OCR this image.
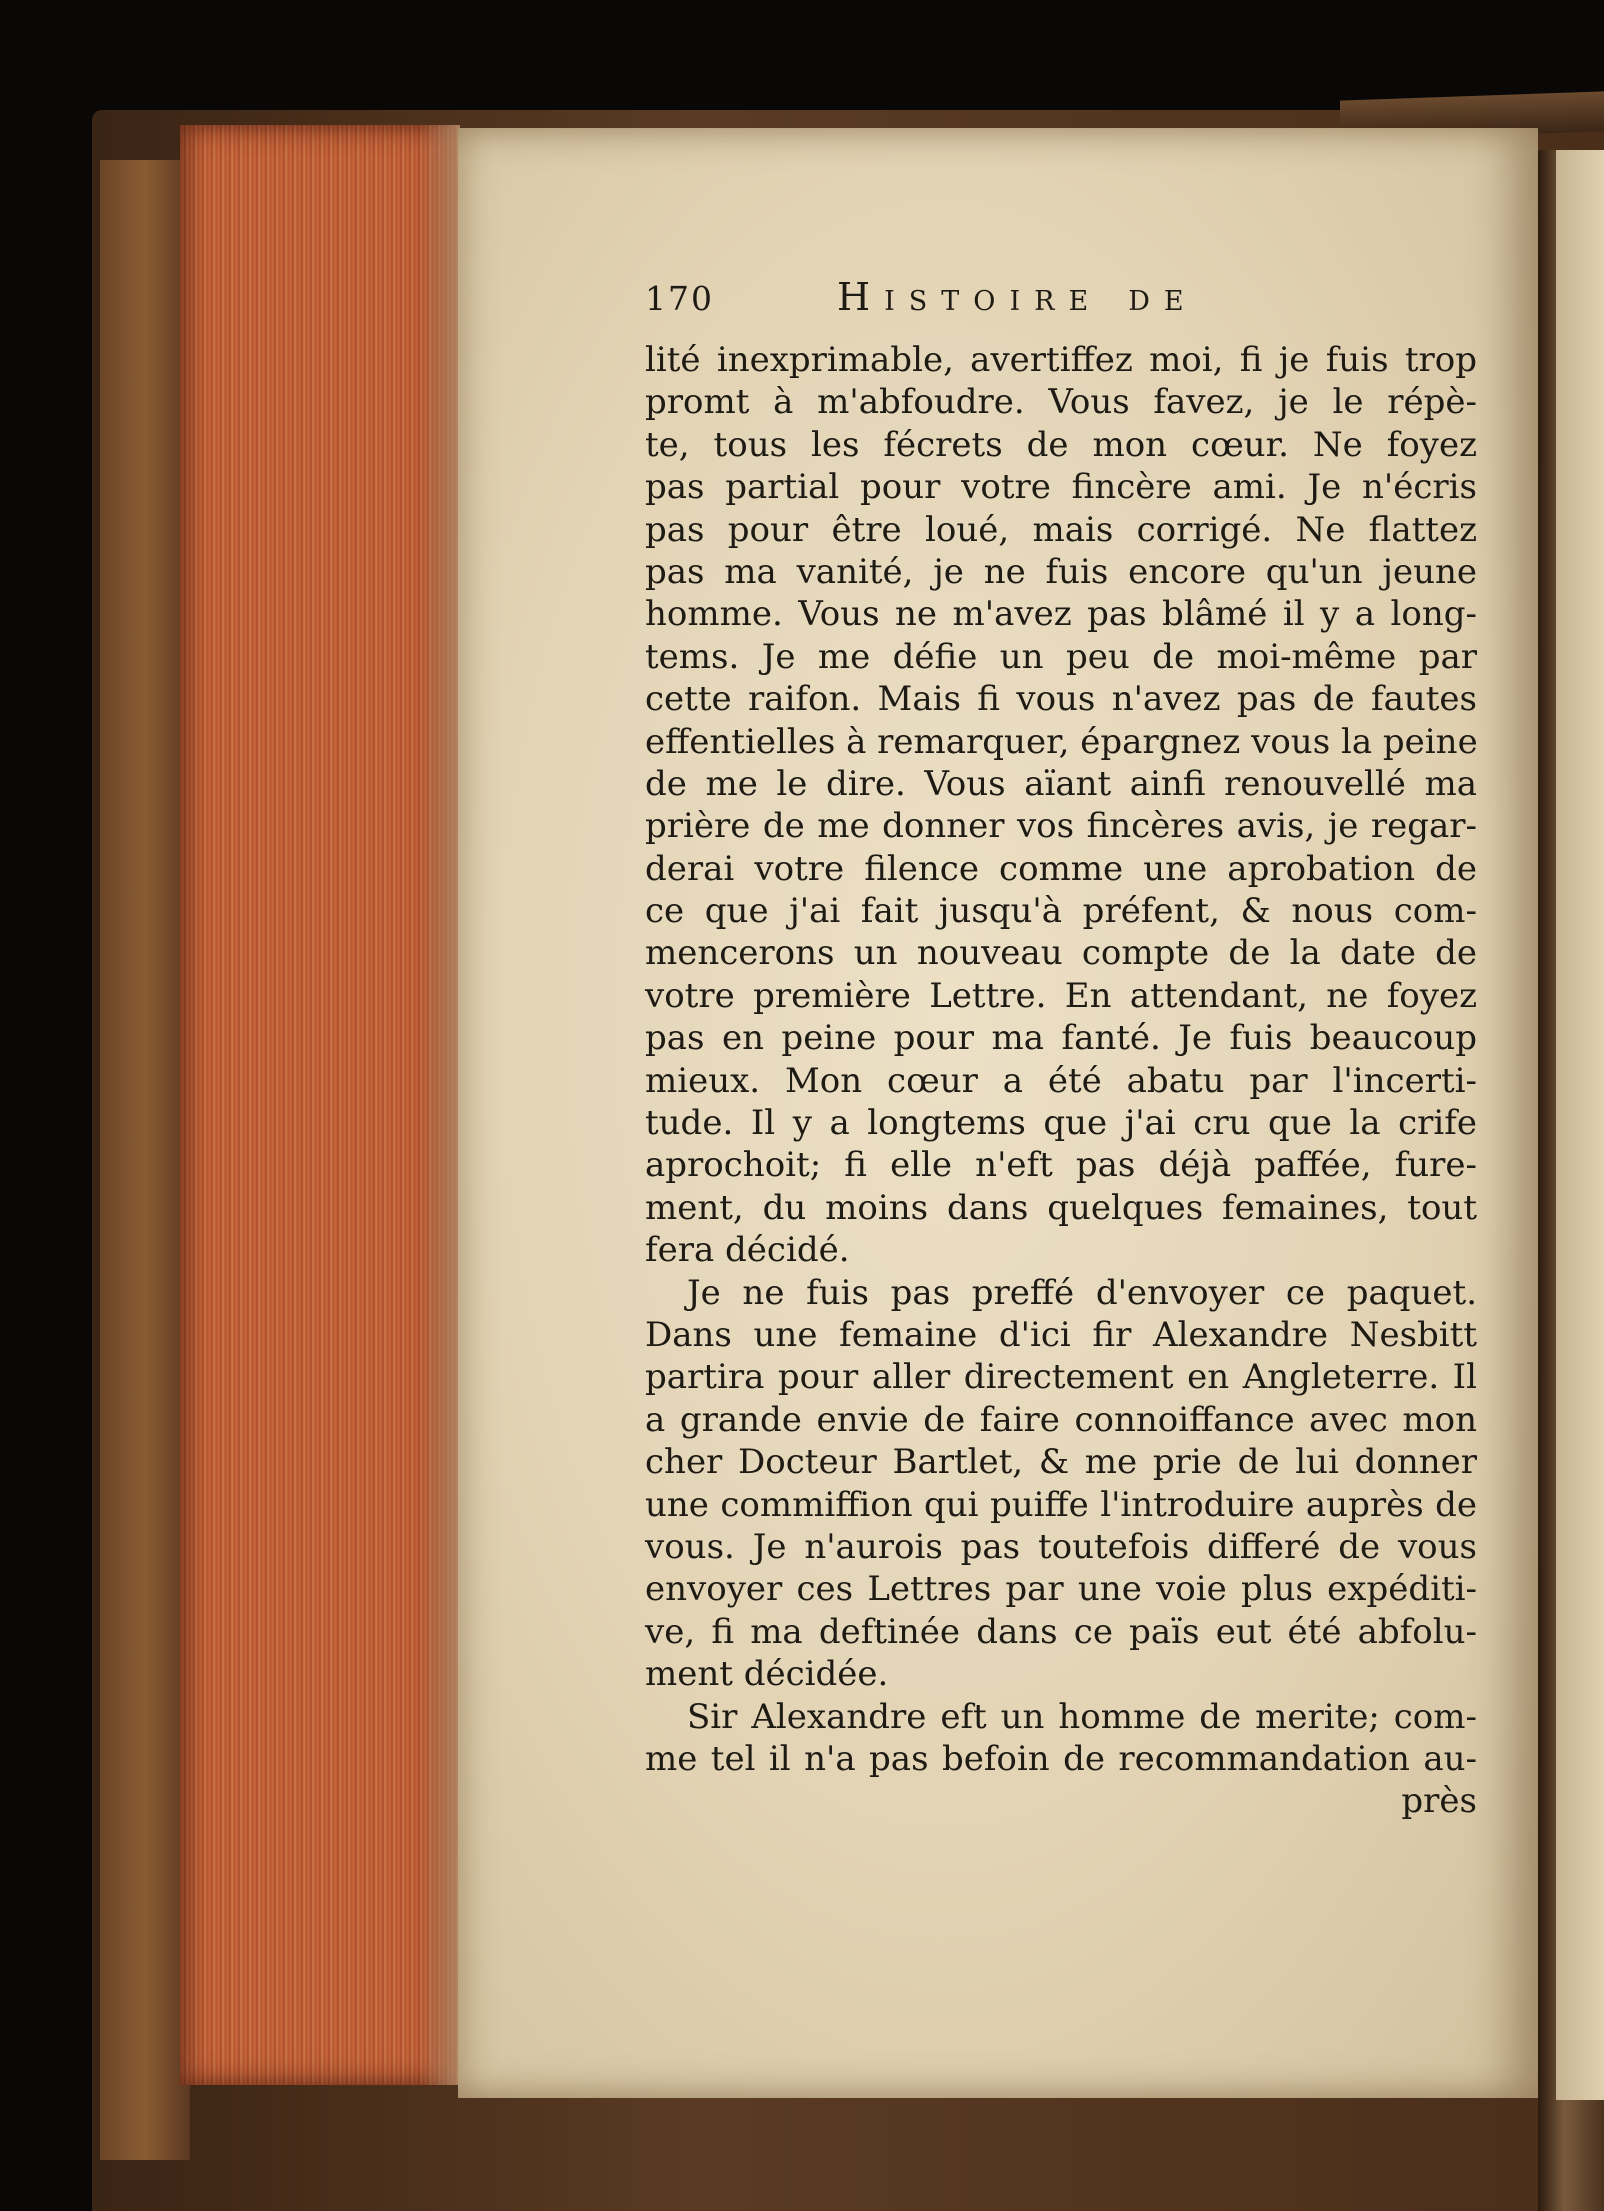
170	Histoire de
lité inexprimable, avertiffez moi, fi je fuis trop
promt à m'abfoudre. Vous favez, je le répè-
te, tous les fécrets de mon cœur. Ne foyez
pas partial pour votre fincère ami. Je n'écris
pas pour être loué, mais corrigé. Ne flattez
pas ma vanité, je ne fuis encore qu'un jeune
homme. Vous ne m'avez pas blâmé il y a long-
tems. Je me défie un peu de moi-même par
cette raifon. Mais fi vous n'avez pas de fautes
effentielles à remarquer, épargnez vous la peine
de me le dire. Vous aïant ainfi renouvellé ma
prière de me donner vos fincères avis, je regar-
derai votre filence comme une aprobation de
ce que j'ai fait jusqu'à préfent, & nous com-
mencerons un nouveau compte de la date de
votre première Lettre. En attendant, ne foyez
pas en peine pour ma fanté. Je fuis beaucoup
mieux. Mon cœur a été abatu par l'incerti-
tude. Il y a longtems que j'ai cru que la crife
aprochoit; fi elle n'eft pas déjà paffée, fure-
ment, du moins dans quelques femaines, tout
fera décidé.
Je ne fuis pas preffé d'envoyer ce paquet.
Dans une femaine d'ici fir Alexandre Nesbitt
partira pour aller directement en Angleterre. Il
a grande envie de faire connoiffance avec mon
cher Docteur Bartlet, & me prie de lui donner
une commiffion qui puiffe l'introduire auprès de
vous. Je n'aurois pas toutefois differé de vous
envoyer ces Lettres par une voie plus expéditi-
ve, fi ma deftinée dans ce païs eut été abfolu-
ment décidée.
Sir Alexandre eft un homme de merite; com-
me tel il n'a pas befoin de recommandation au-
près
